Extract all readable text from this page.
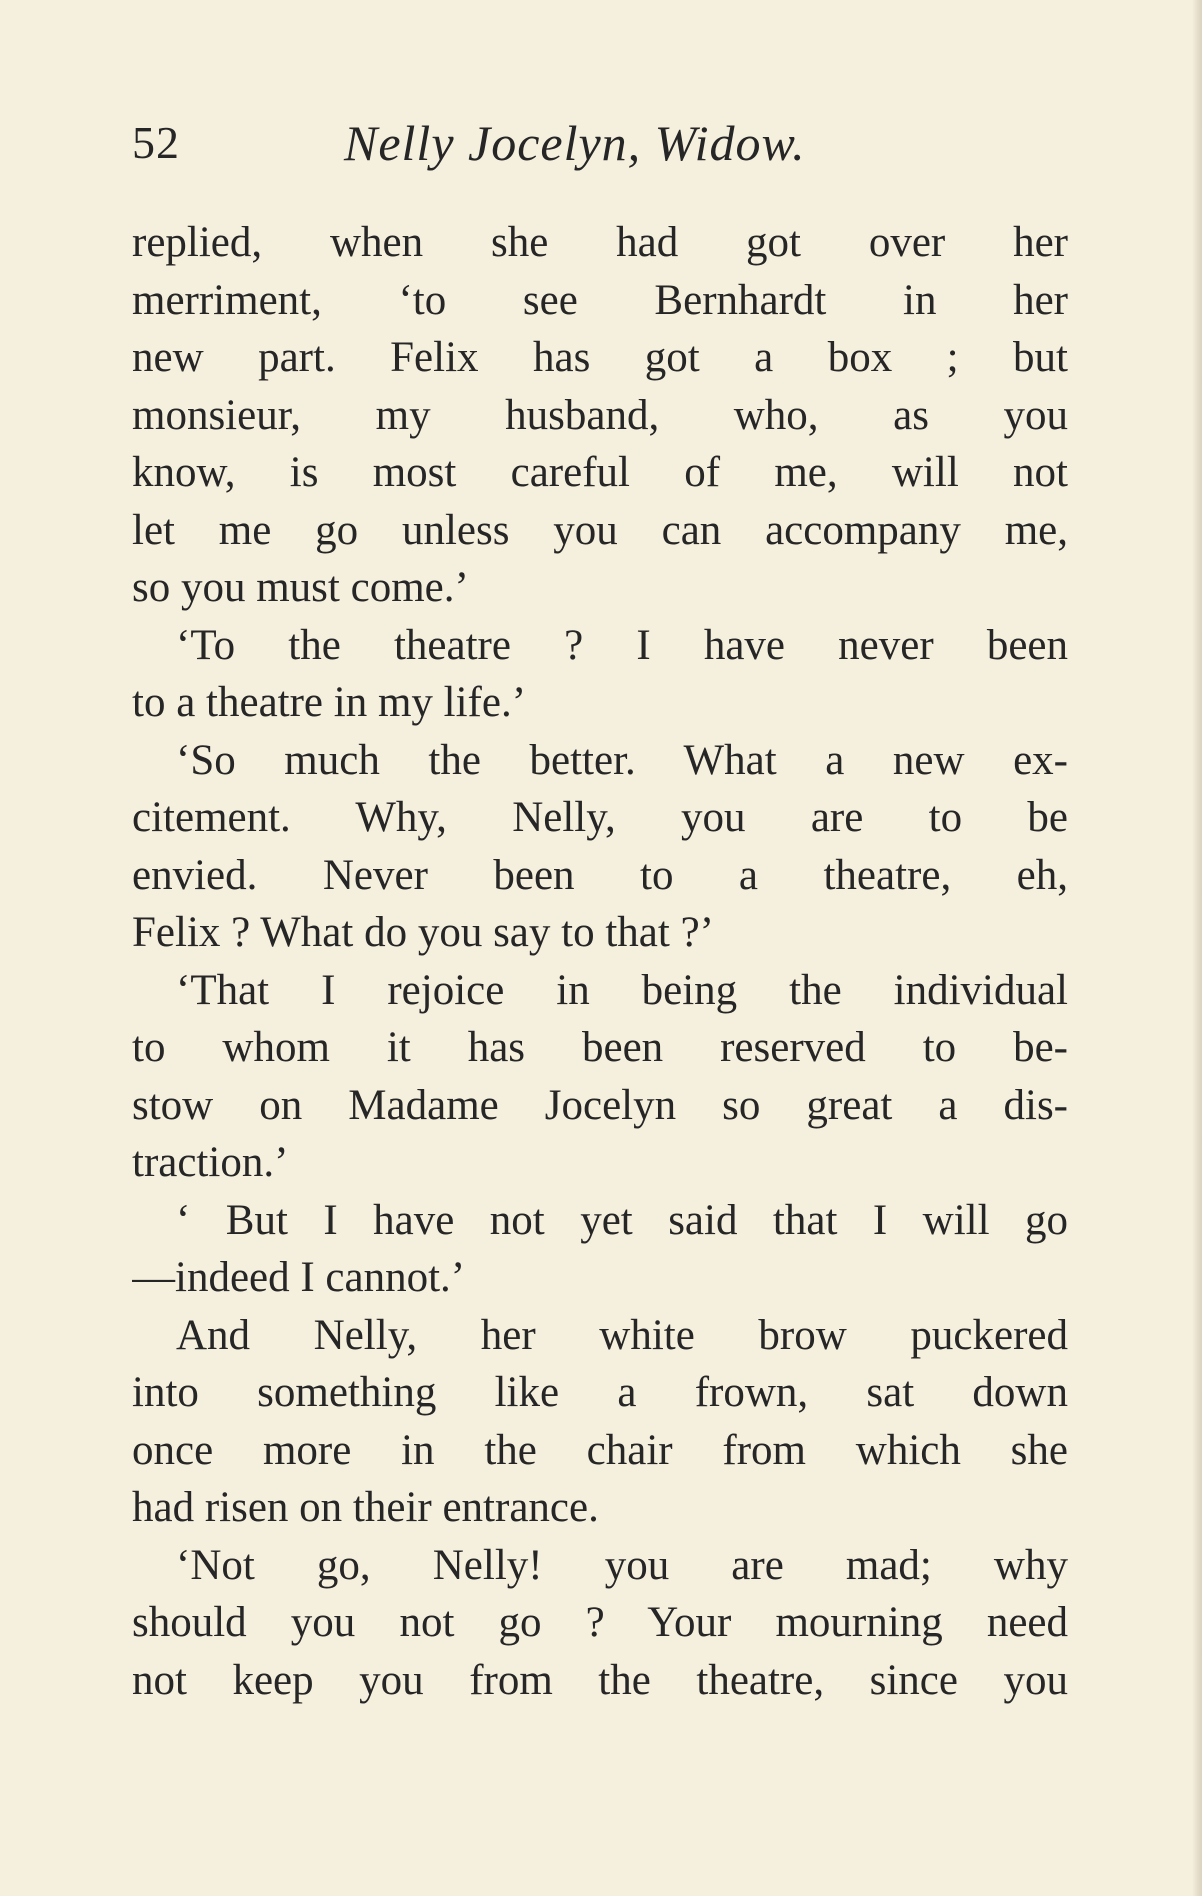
52	Nelly Jocelyn, Widow.
replied, when she had got over her
merriment, ‘to see Bernhardt in her
new part. Felix has got a box ; but
monsieur, my husband, who, as you
know, is most careful of me, will not
let me go unless you can accompany me,
so you must come.’
‘To the theatre ? I have never been
to a theatre in my life.’
‘So much the better. What a new ex-
citement. Why, Nelly, you are to be
envied. Never been to a theatre, eh,
Felix ? What do you say to that ?’
‘That I rejoice in being the individual
to whom it has been reserved to be-
stow on Madame Jocelyn so great a dis-
traction.’
‘ But I have not yet said that I will go
—indeed I cannot.’
And Nelly, her white brow puckered
into something like a frown, sat down
once more in the chair from which she
had risen on their entrance.
‘Not go, Nelly! you are mad; why
should you not go ? Your mourning need
not keep you from the theatre, since you
